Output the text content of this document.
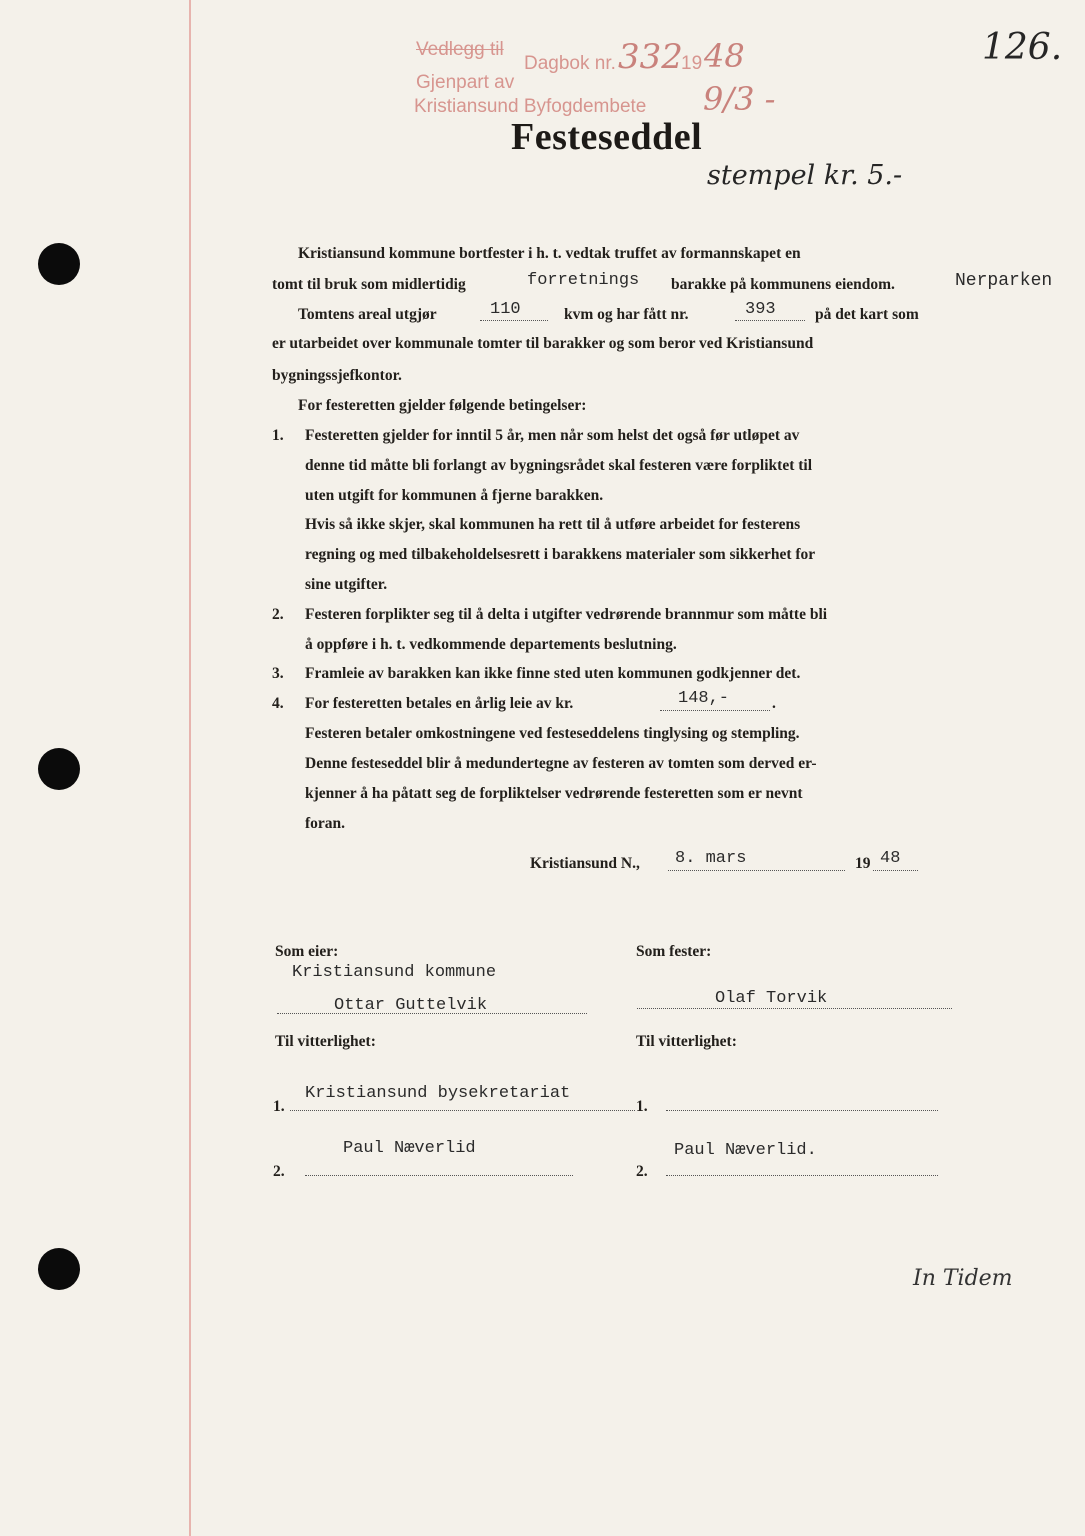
Vedlegg til
Dagbok nr. 332
19 48
Gjenpart av
Kristiansund Byfogdembete 9/3 -
126.
Festeseddel
stempel kr. 5.-
Kristiansund kommune bortfester i h. t. vedtak truffet av formannskapet en
tomt til bruk som midlertidig	forretnings barakke på kommunens eiendom.	Nerparken
Tomtens areal utgjør	110	kvm og har fått nr.	393	på det kart som
er utarbeidet over kommunale tomter til barakker og som beror ved Kristiansund
bygningssjefkontor.
For festeretten gjelder følgende betingelser:
1. Festeretten gjelder for inntil 5 år, men når som helst det også før utløpet av
denne tid måtte bli forlangt av bygningsrådet skal festeren være forpliktet til
uten utgift for kommunen å fjerne barakken.
Hvis så ikke skjer, skal kommunen ha rett til å utføre arbeidet for festerens
regning og med tilbakeholdelsesrett i barakkens materialer som sikkerhet for
sine utgifter.
2. Festeren forplikter seg til å delta i utgifter vedrørende brannmur som måtte bli
å oppføre i h. t. vedkommende departements beslutning.
3. Framleie av barakken kan ikke finne sted uten kommunen godkjenner det.
4. For festeretten betales en årlig leie av kr.	148,-	.
Festeren betaler omkostningene ved festeseddelens tinglysing og stempling.
Denne festeseddel blir å medundertegne av festeren av tomten som derved er-
kjenner å ha påtatt seg de forpliktelser vedrørende festeretten som er nevnt
foran.
Kristiansund N., 8. mars	19 48
Som eier:
Kristiansund kommune
Ottar Guttelvik
Som fester:
Olaf Torvik
Til vitterlighet:	Til vitterlighet:
1.
Kristiansund bysekretariat
1.
2.
Paul Næverlid
2.
Paul Næverlid.
In Tidem
